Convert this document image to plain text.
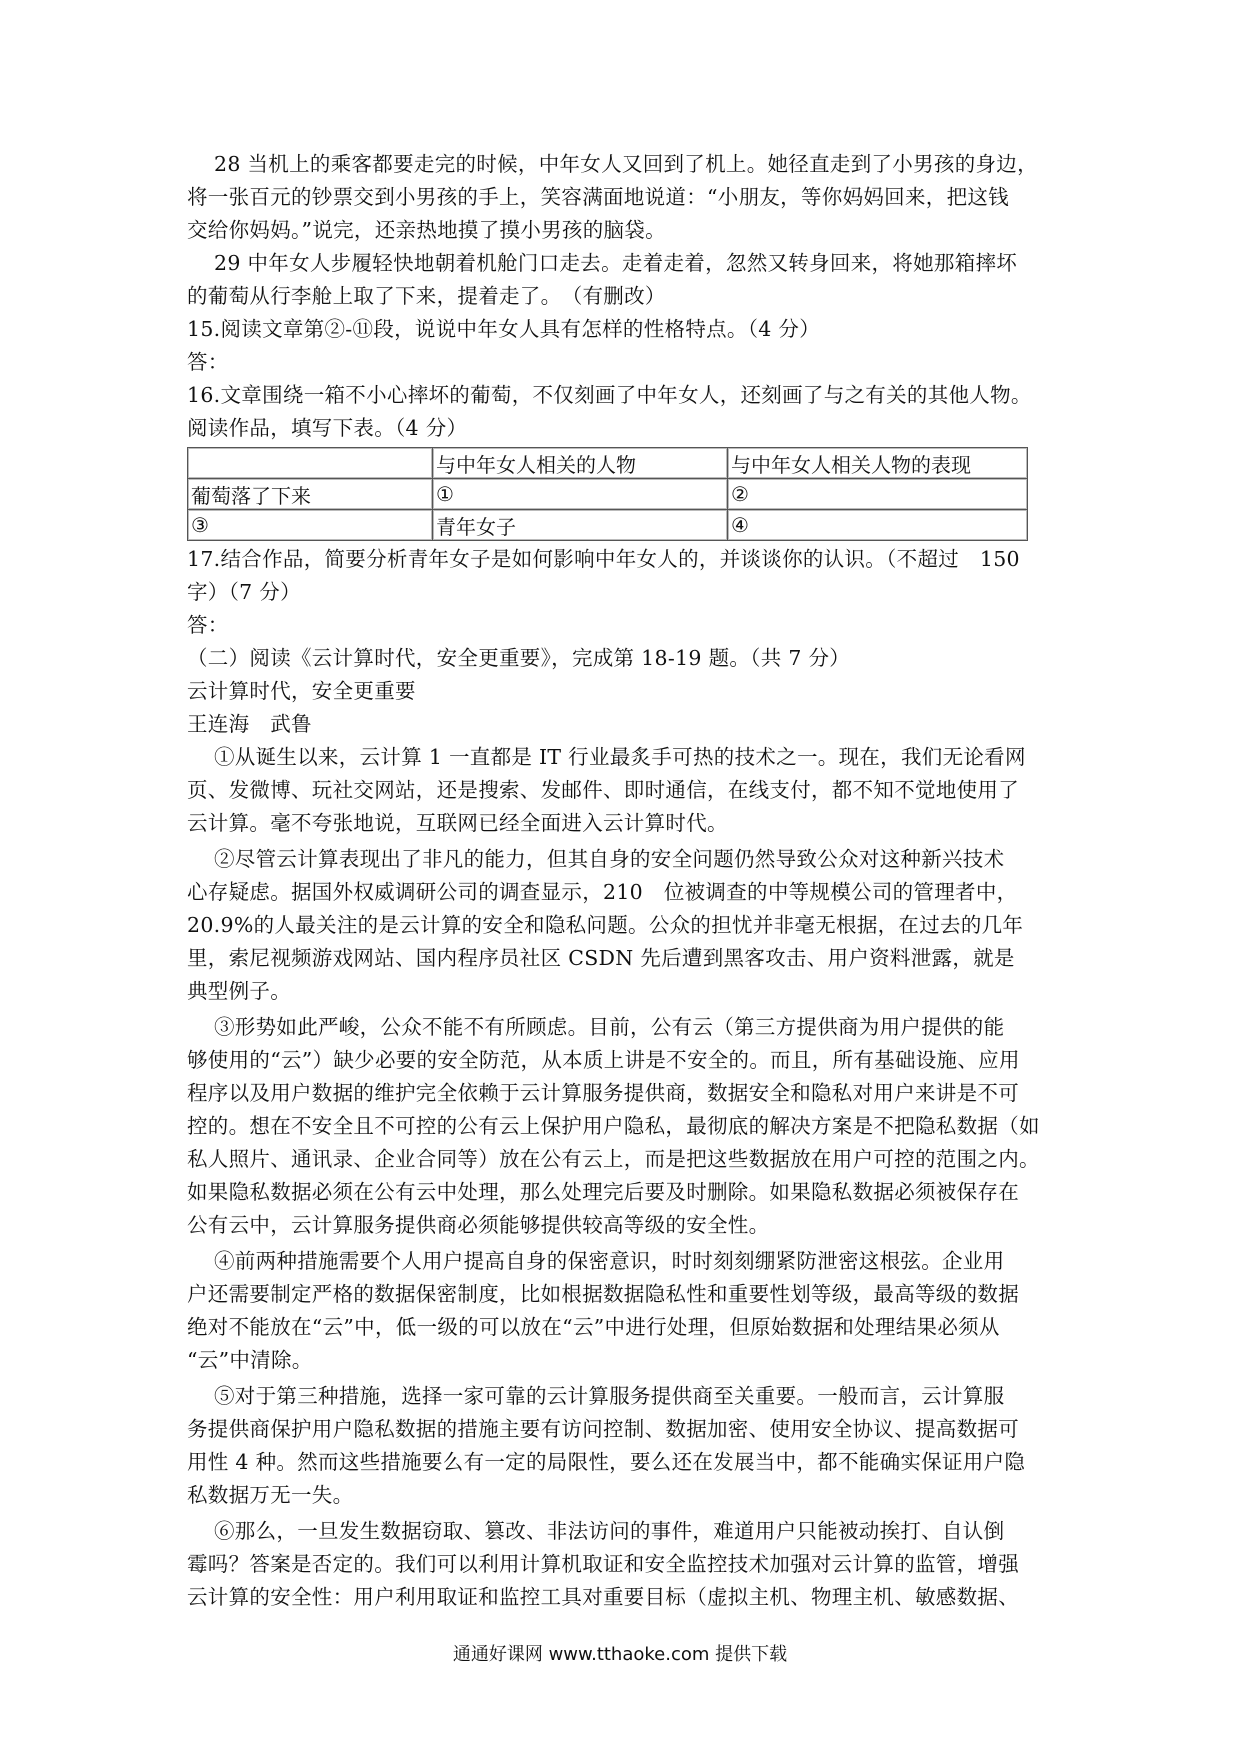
28 当机上的乘客都要走完的时候，中年女人又回到了机上。她径直走到了小男孩的身边，
将一张百元的钞票交到小男孩的手上，笑容满面地说道：“小朋友，等你妈妈回来，把这钱
交给你妈妈。”说完，还亲热地摸了摸小男孩的脑袋。
29 中年女人步履轻快地朝着机舱门口走去。走着走着，忽然又转身回来，将她那箱摔坏
的葡萄从行李舱上取了下来，提着走了。　（有删改）
15.阅读文章第②-⑪段，说说中年女人具有怎样的性格特点。（4 分）
答：
16.文章围绕一箱不小心摔坏的葡萄，不仅刻画了中年女人，还刻画了与之有关的其他人物。
阅读作品，填写下表。（4 分）
	与中年女人相关的人物	与中年女人相关人物的表现
葡萄落了下来	①	②
③	青年女子	④
17.结合作品，简要分析青年女子是如何影响中年女人的，并谈谈你的认识。（不超过　150
字）（7 分）
答：
（二）阅读《云计算时代，安全更重要》，完成第 18-19 题。（共 7 分）
云计算时代，安全更重要
王连海　武鲁
①从诞生以来，云计算 1 一直都是 IT 行业最炙手可热的技术之一。现在，我们无论看网
页、发微博、玩社交网站，还是搜索、发邮件、即时通信，在线支付，都不知不觉地使用了
云计算。毫不夸张地说，互联网已经全面进入云计算时代。
②尽管云计算表现出了非凡的能力，但其自身的安全问题仍然导致公众对这种新兴技术
心存疑虑。据国外权威调研公司的调查显示，210　位被调查的中等规模公司的管理者中，
20.9%的人最关注的是云计算的安全和隐私问题。公众的担忧并非毫无根据，在过去的几年
里，索尼视频游戏网站、国内程序员社区 CSDN 先后遭到黑客攻击、用户资料泄露，就是
典型例子。
③形势如此严峻，公众不能不有所顾虑。目前，公有云（第三方提供商为用户提供的能
够使用的“云”）缺少必要的安全防范，从本质上讲是不安全的。而且，所有基础设施、应用
程序以及用户数据的维护完全依赖于云计算服务提供商，数据安全和隐私对用户来讲是不可
控的。想在不安全且不可控的公有云上保护用户隐私，最彻底的解决方案是不把隐私数据（如
私人照片、通讯录、企业合同等）放在公有云上，而是把这些数据放在用户可控的范围之内。
如果隐私数据必须在公有云中处理，那么处理完后要及时删除。如果隐私数据必须被保存在
公有云中，云计算服务提供商必须能够提供较高等级的安全性。
④前两种措施需要个人用户提高自身的保密意识，时时刻刻绷紧防泄密这根弦。企业用
户还需要制定严格的数据保密制度，比如根据数据隐私性和重要性划等级，最高等级的数据
绝对不能放在“云”中，低一级的可以放在“云”中进行处理，但原始数据和处理结果必须从
“云”中清除。
⑤对于第三种措施，选择一家可靠的云计算服务提供商至关重要。一般而言，云计算服
务提供商保护用户隐私数据的措施主要有访问控制、数据加密、使用安全协议、提高数据可
用性 4 种。然而这些措施要么有一定的局限性，要么还在发展当中，都不能确实保证用户隐
私数据万无一失。
⑥那么，一旦发生数据窃取、篡改、非法访问的事件，难道用户只能被动挨打、自认倒
霉吗？答案是否定的。我们可以利用计算机取证和安全监控技术加强对云计算的监管，增强
云计算的安全性：用户利用取证和监控工具对重要目标（虚拟主机、物理主机、敏感数据、
通通好课网 www.tthaoke.com 提供下载
